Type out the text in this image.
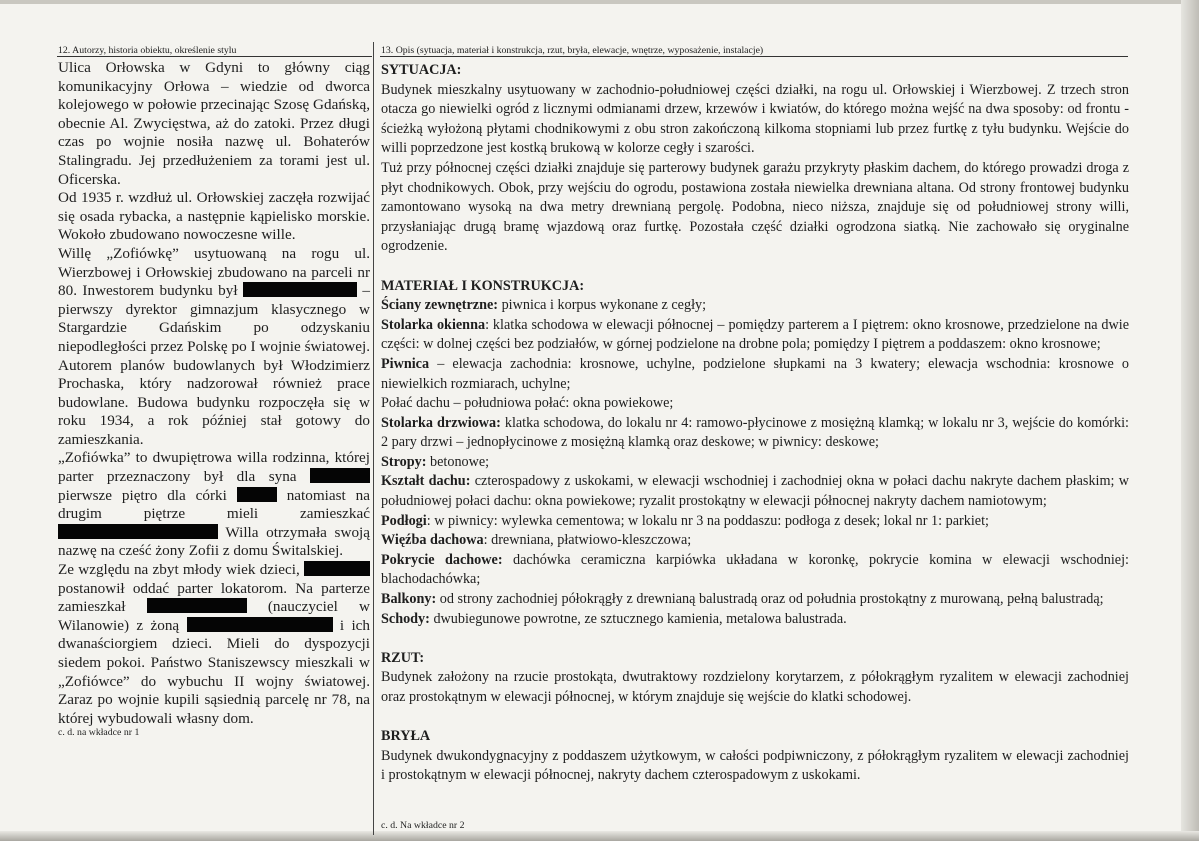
12. Autorzy, historia obiektu, określenie stylu	13. Opis (sytuacja, materiał i konstrukcja, rzut, bryła, elewacje, wnętrze, wyposażenie, instalacje)

Ulica Orłowska w Gdyni to główny ciąg komunikacyjny Orłowa – wiedzie od dworca kolejowego w połowie przecinając Szosę Gdańską, obecnie Al. Zwycięstwa, aż do zatoki. Przez długi czas po wojnie nosiła nazwę ul. Bohaterów Stalingradu. Jej przedłużeniem za torami jest ul. Oficerska.

Od 1935 r. wzdłuż ul. Orłowskiej zaczęła rozwijać się osada rybacka, a następnie kąpielisko morskie. Wokoło zbudowano nowoczesne wille.

Willę „Zofiówkę” usytuowaną na rogu ul. Wierzbowej i Orłowskiej zbudowano na parceli nr 80. Inwestorem budynku był	– pierwszy dyrektor gimnazjum klasycznego w Stargardzie Gdańskim po odzyskaniu niepodległości przez Polskę po I wojnie światowej. Autorem planów budowlanych był Włodzimierz Prochaska, który nadzorował również prace budowlane. Budowa budynku rozpoczęła się w roku 1934, a rok później stał gotowy do zamieszkania.

„Zofiówka” to dwupiętrowa willa rodzinna, której parter przeznaczony był dla syna  pierwsze piętro dla córki	natomiast na drugim piętrze mieli zamieszkać  Willa otrzymała swoją nazwę na cześć żony Zofii z domu Świtalskiej.

Ze względu na zbyt młody wiek dzieci,  postanowił oddać parter lokatorom. Na parterze zamieszkał	(nauczyciel w Wilanowie) z żoną	i ich dwanaściorgiem dzieci. Mieli do dyspozycji siedem pokoi. Państwo Staniszewscy mieszkali w „Zofiówce” do wybuchu II wojny światowej. Zaraz po wojnie kupili sąsiednią parcelę nr 78, na której wybudowali własny dom.

c. d. na wkładce nr 1

SYTUACJA:

Budynek mieszkalny usytuowany w zachodnio-południowej części działki, na rogu ul. Orłowskiej i Wierzbowej. Z trzech stron otacza go niewielki ogród z licznymi odmianami drzew, krzewów i kwiatów, do którego można wejść na dwa sposoby: od frontu - ścieżką wyłożoną płytami chodnikowymi z obu stron zakończoną kilkoma stopniami lub przez furtkę z tyłu budynku. Wejście do willi poprzedzone jest kostką brukową w kolorze cegły i szarości.

Tuż przy północnej części działki znajduje się parterowy budynek garażu przykryty płaskim dachem, do którego prowadzi droga z płyt chodnikowych. Obok, przy wejściu do ogrodu, postawiona została niewielka drewniana altana. Od strony frontowej budynku zamontowano wysoką na dwa metry drewnianą pergolę. Podobna, nieco niższa, znajduje się od południowej strony willi, przysłaniając drugą bramę wjazdową oraz furtkę. Pozostała część działki ogrodzona siatką. Nie zachowało się oryginalne ogrodzenie.

MATERIAŁ I KONSTRUKCJA:

Ściany zewnętrzne: piwnica i korpus wykonane z cegły;

Stolarka okienna: klatka schodowa w elewacji północnej – pomiędzy parterem a I piętrem: okno krosnowe, przedzielone na dwie części: w dolnej części bez podziałów, w górnej podzielone na drobne pola; pomiędzy I piętrem a poddaszem: okno krosnowe;

Piwnica – elewacja zachodnia: krosnowe, uchylne, podzielone słupkami na 3 kwatery; elewacja wschodnia: krosnowe o niewielkich rozmiarach, uchylne;

Połać dachu – południowa połać: okna powiekowe;

Stolarka drzwiowa: klatka schodowa, do lokalu nr 4: ramowo-płycinowe z mosiężną klamką; w lokalu nr 3, wejście do komórki: 2 pary drzwi – jednopłycinowe z mosiężną klamką oraz deskowe; w piwnicy: deskowe;

Stropy: betonowe;

Kształt dachu: czterospadowy z uskokami, w elewacji wschodniej i zachodniej okna w połaci dachu nakryte dachem płaskim; w południowej połaci dachu: okna powiekowe; ryzalit prostokątny w elewacji północnej nakryty dachem namiotowym;

Podłogi: w piwnicy: wylewka cementowa; w lokalu nr 3 na poddaszu: podłoga z desek; lokal nr 1: parkiet;

Więźba dachowa: drewniana, płatwiowo-kleszczowa;

Pokrycie dachowe: dachówka ceramiczna karpiówka układana w koronkę, pokrycie komina w elewacji wschodniej: blachodachówka;

Balkony: od strony zachodniej półokrągły z drewnianą balustradą oraz od południa prostokątny z murowaną, pełną balustradą;

Schody: dwubiegunowe powrotne, ze sztucznego kamienia, metalowa balustrada.

RZUT:

Budynek założony na rzucie prostokąta, dwutraktowy rozdzielony korytarzem, z półokrągłym ryzalitem w elewacji zachodniej oraz prostokątnym w elewacji północnej, w którym znajduje się wejście do klatki schodowej.

BRYŁA

Budynek dwukondygnacyjny z poddaszem użytkowym, w całości podpiwniczony, z półokrągłym ryzalitem w elewacji zachodniej i prostokątnym w elewacji północnej, nakryty dachem czterospadowym z uskokami.

c. d. Na wkładce nr 2
